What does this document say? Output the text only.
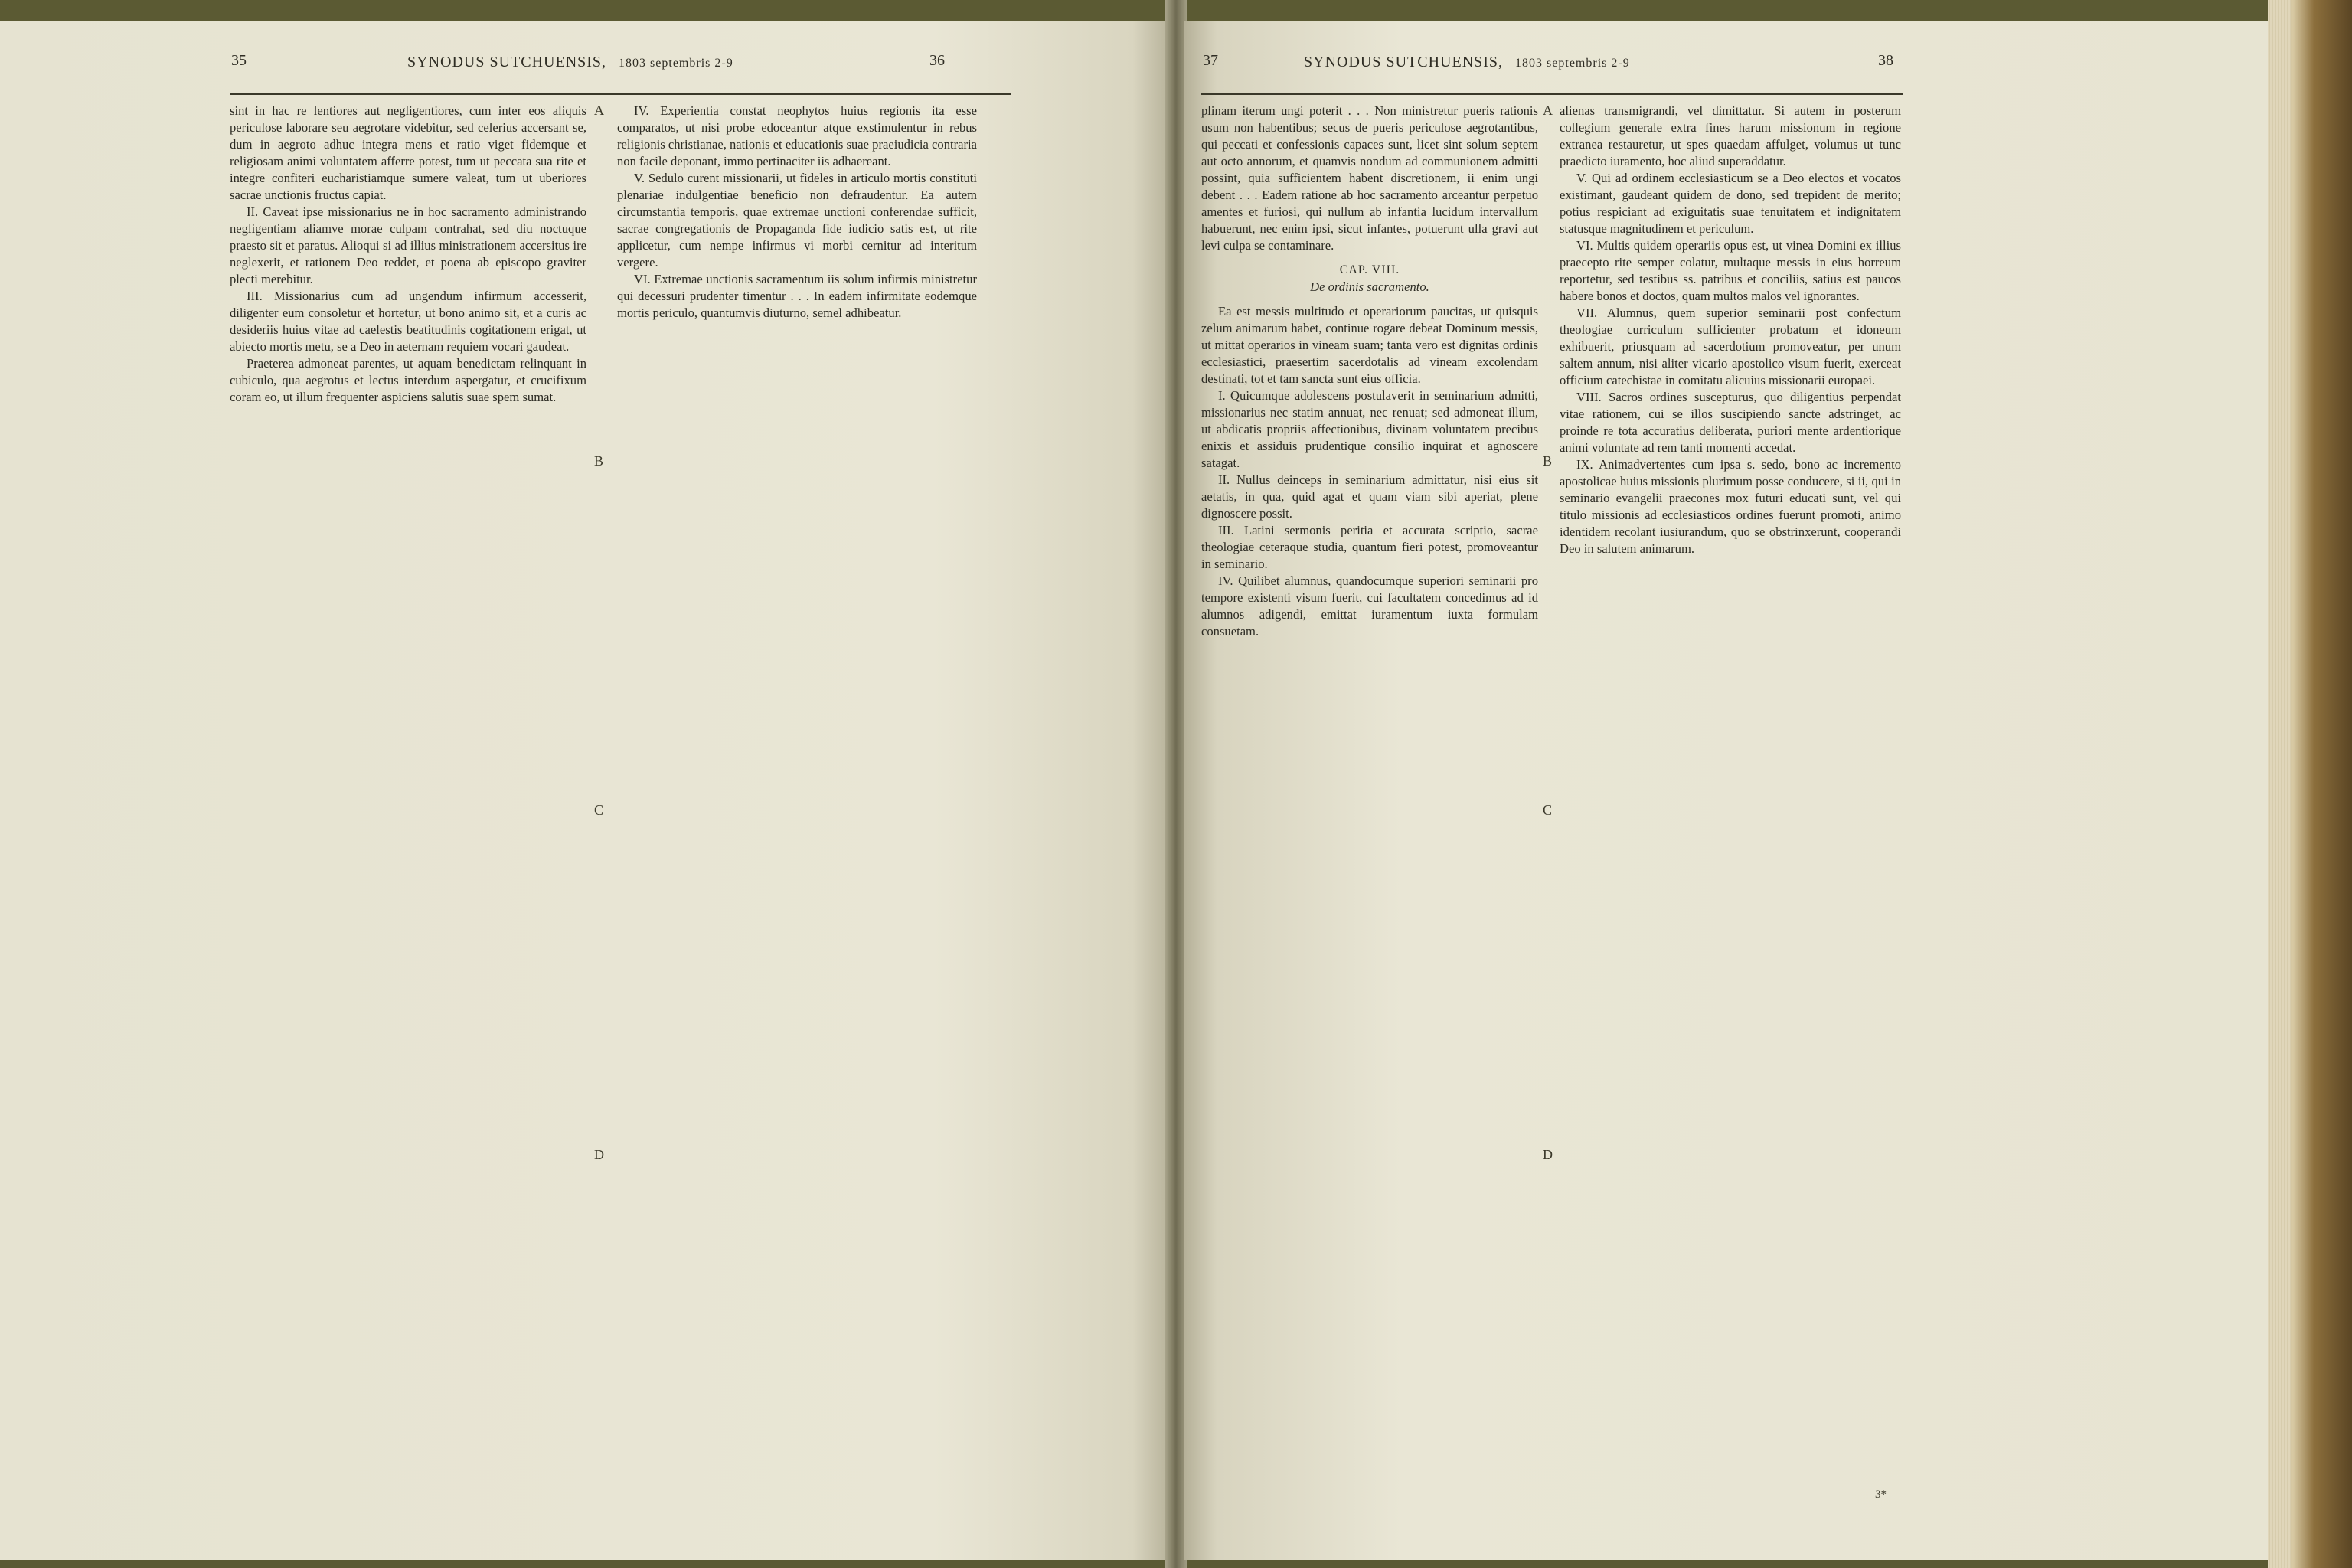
35	SYNODUS SUTCHUENSIS, 1803 septembris 2-9	36

sint in hac re lentiores aut negligentiores, cum inter eos aliquis periculose laborare seu aegrotare videbitur, sed celerius accersant se, dum in aegroto adhuc integra mens et ratio viget fidemque et religiosam animi voluntatem afferre potest, tum ut peccata sua rite et integre confiteri eucharistiamque sumere valeat, tum ut uberiores sacrae unctionis fructus capiat.

II. Caveat ipse missionarius ne in hoc sacramento administrando negligentiam aliamve morae culpam contrahat, sed diu noctuque praesto sit et paratus. Alioqui si ad illius ministrationem accersitus ire neglexerit, et rationem Deo reddet, et poena ab episcopo graviter plecti merebitur.

III. Missionarius cum ad ungendum infirmum accesserit, diligenter eum consoletur et hortetur, ut bono animo sit, et a curis ac desideriis huius vitae ad caelestis beatitudinis cogitationem erigat, ut abiecto mortis metu, se a Deo in aeternam requiem vocari gaudeat.

Praeterea admoneat parentes, ut aquam benedictam relinquant in cubiculo, qua aegrotus et lectus interdum aspergatur, et crucifixum coram eo, ut illum frequenter aspiciens salutis suae spem sumat.

IV. Experientia constat neophytos huius regionis ita esse comparatos, ut nisi probe edoceantur atque exstimulentur in rebus religionis christianae, nationis et educationis suae praeiudicia contraria non facile deponant, immo pertinaciter iis adhaereant.

V. Sedulo curent missionarii, ut fideles in articulo mortis constituti plenariae indulgentiae beneficio non defraudentur. Ea autem circumstantia temporis, quae extremae unctioni conferendae sufficit, sacrae congregationis de Propaganda fide iudicio satis est, ut rite applicetur, cum nempe infirmus vi morbi cernitur ad interitum vergere.

VI. Extremae unctionis sacramentum iis solum infirmis ministretur qui decessuri prudenter timentur . . . In eadem infirmitate eodemque mortis periculo, quantumvis diuturno, semel adhibeatur.

A
B
C
D
37	SYNODUS SUTCHUENSIS, 1803 septembris 2-9	38

plinam iterum ungi poterit . . . Non ministretur pueris rationis usum non habentibus; secus de pueris periculose aegrotantibus, qui peccati et confessionis capaces sunt, licet sint solum septem aut octo annorum, et quamvis nondum ad communionem admitti possint, quia sufficientem habent discretionem, ii enim ungi debent . . . Eadem ratione ab hoc sacramento arceantur perpetuo amentes et furiosi, qui nullum ab infantia lucidum intervallum habuerunt, nec enim ipsi, sicut infantes, potuerunt ulla gravi aut levi culpa se contaminare.

CAP. VIII.

De ordinis sacramento.

Ea est messis multitudo et operariorum paucitas, ut quisquis zelum animarum habet, continue rogare debeat Dominum messis, ut mittat operarios in vineam suam; tanta vero est dignitas ordinis ecclesiastici, praesertim sacerdotalis ad vineam excolendam destinati, tot et tam sancta sunt eius officia.

I. Quicumque adolescens postulaverit in seminarium admitti, missionarius nec statim annuat, nec renuat; sed admoneat illum, ut abdicatis propriis affectionibus, divinam voluntatem precibus enixis et assiduis prudentique consilio inquirat et agnoscere satagat.

II. Nullus deinceps in seminarium admittatur, nisi eius sit aetatis, in qua, quid agat et quam viam sibi aperiat, plene dignoscere possit.

III. Latini sermonis peritia et accurata scriptio, sacrae theologiae ceteraque studia, quantum fieri potest, promoveantur in seminario.

IV. Quilibet alumnus, quandocumque superiori seminarii pro tempore existenti visum fuerit, cui facultatem concedimus ad id alumnos adigendi, emittat iuramentum iuxta formulam consuetam.

alienas transmigrandi, vel dimittatur. Si autem in posterum collegium generale extra fines harum missionum in regione extranea restauretur, ut spes quaedam affulget, volumus ut tunc praedicto iuramento, hoc aliud superaddatur.

V. Qui ad ordinem ecclesiasticum se a Deo electos et vocatos existimant, gaudeant quidem de dono, sed trepident de merito; potius respiciant ad exiguitatis suae tenuitatem et indignitatem statusque magnitudinem et periculum.

VI. Multis quidem operariis opus est, ut vinea Domini ex illius praecepto rite semper colatur, multaque messis in eius horreum reportetur, sed testibus ss. patribus et conciliis, satius est paucos habere bonos et doctos, quam multos malos vel ignorantes.

VII. Alumnus, quem superior seminarii post confectum theologiae curriculum sufficienter probatum et idoneum exhibuerit, priusquam ad sacerdotium promoveatur, per unum saltem annum, nisi aliter vicario apostolico visum fuerit, exerceat officium catechistae in comitatu alicuius missionarii europaei.

VIII. Sacros ordines suscepturus, quo diligentius perpendat vitae rationem, cui se illos suscipiendo sancte adstringet, ac proinde re tota accuratius deliberata, puriori mente ardentiorique animi voluntate ad rem tanti momenti accedat.

IX. Animadvertentes cum ipsa s. sedo, bono ac incremento apostolicae huius missionis plurimum posse conducere, si ii, qui in seminario evangelii praecones mox futuri educati sunt, vel qui titulo missionis ad ecclesiasticos ordines fuerunt promoti, animo identidem recolant iusiurandum, quo se obstrinxerunt, cooperandi Deo in salutem animarum.

A
B
C
D
3*
